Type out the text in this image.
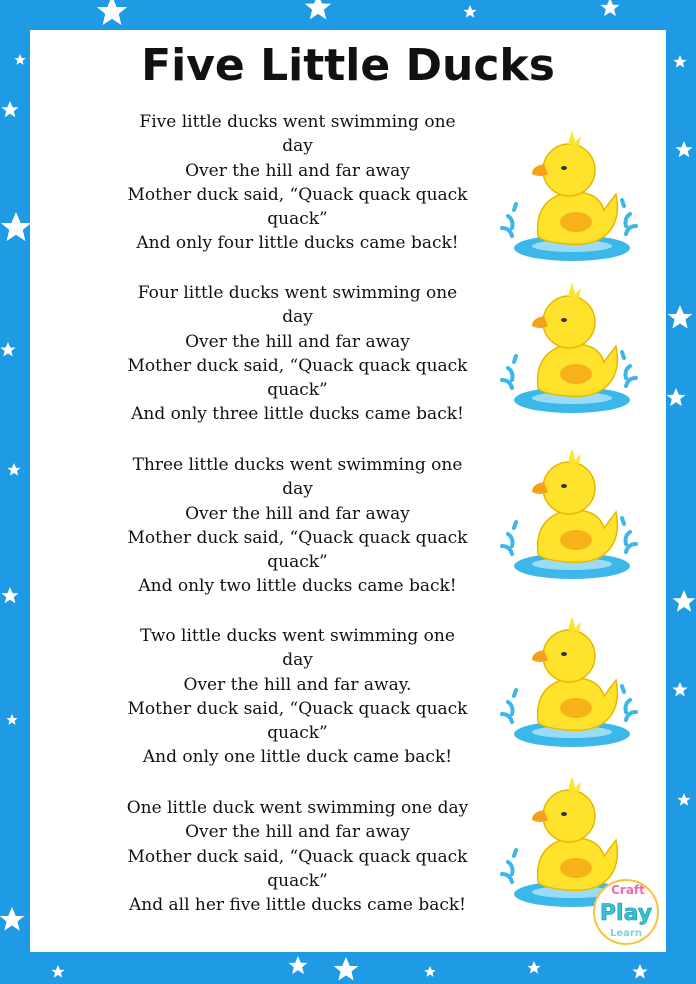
Five Little Ducks
Five little ducks went swimming one
day
Over the hill and far away
Mother duck said, “Quack quack quack
quack”
And only four little ducks came back!
Four little ducks went swimming one
day
Over the hill and far away
Mother duck said, “Quack quack quack
quack”
And only three little ducks came back!
Three little ducks went swimming one
day
Over the hill and far away
Mother duck said, “Quack quack quack
quack”
And only two little ducks came back!
Two little ducks went swimming one
day
Over the hill and far away.
Mother duck said, “Quack quack quack
quack”
And only one little duck came back!
One little duck went swimming one day
Over the hill and far away
Mother duck said, “Quack quack quack
quack”
And all her five little ducks came back!
Craft
Play
Learn
